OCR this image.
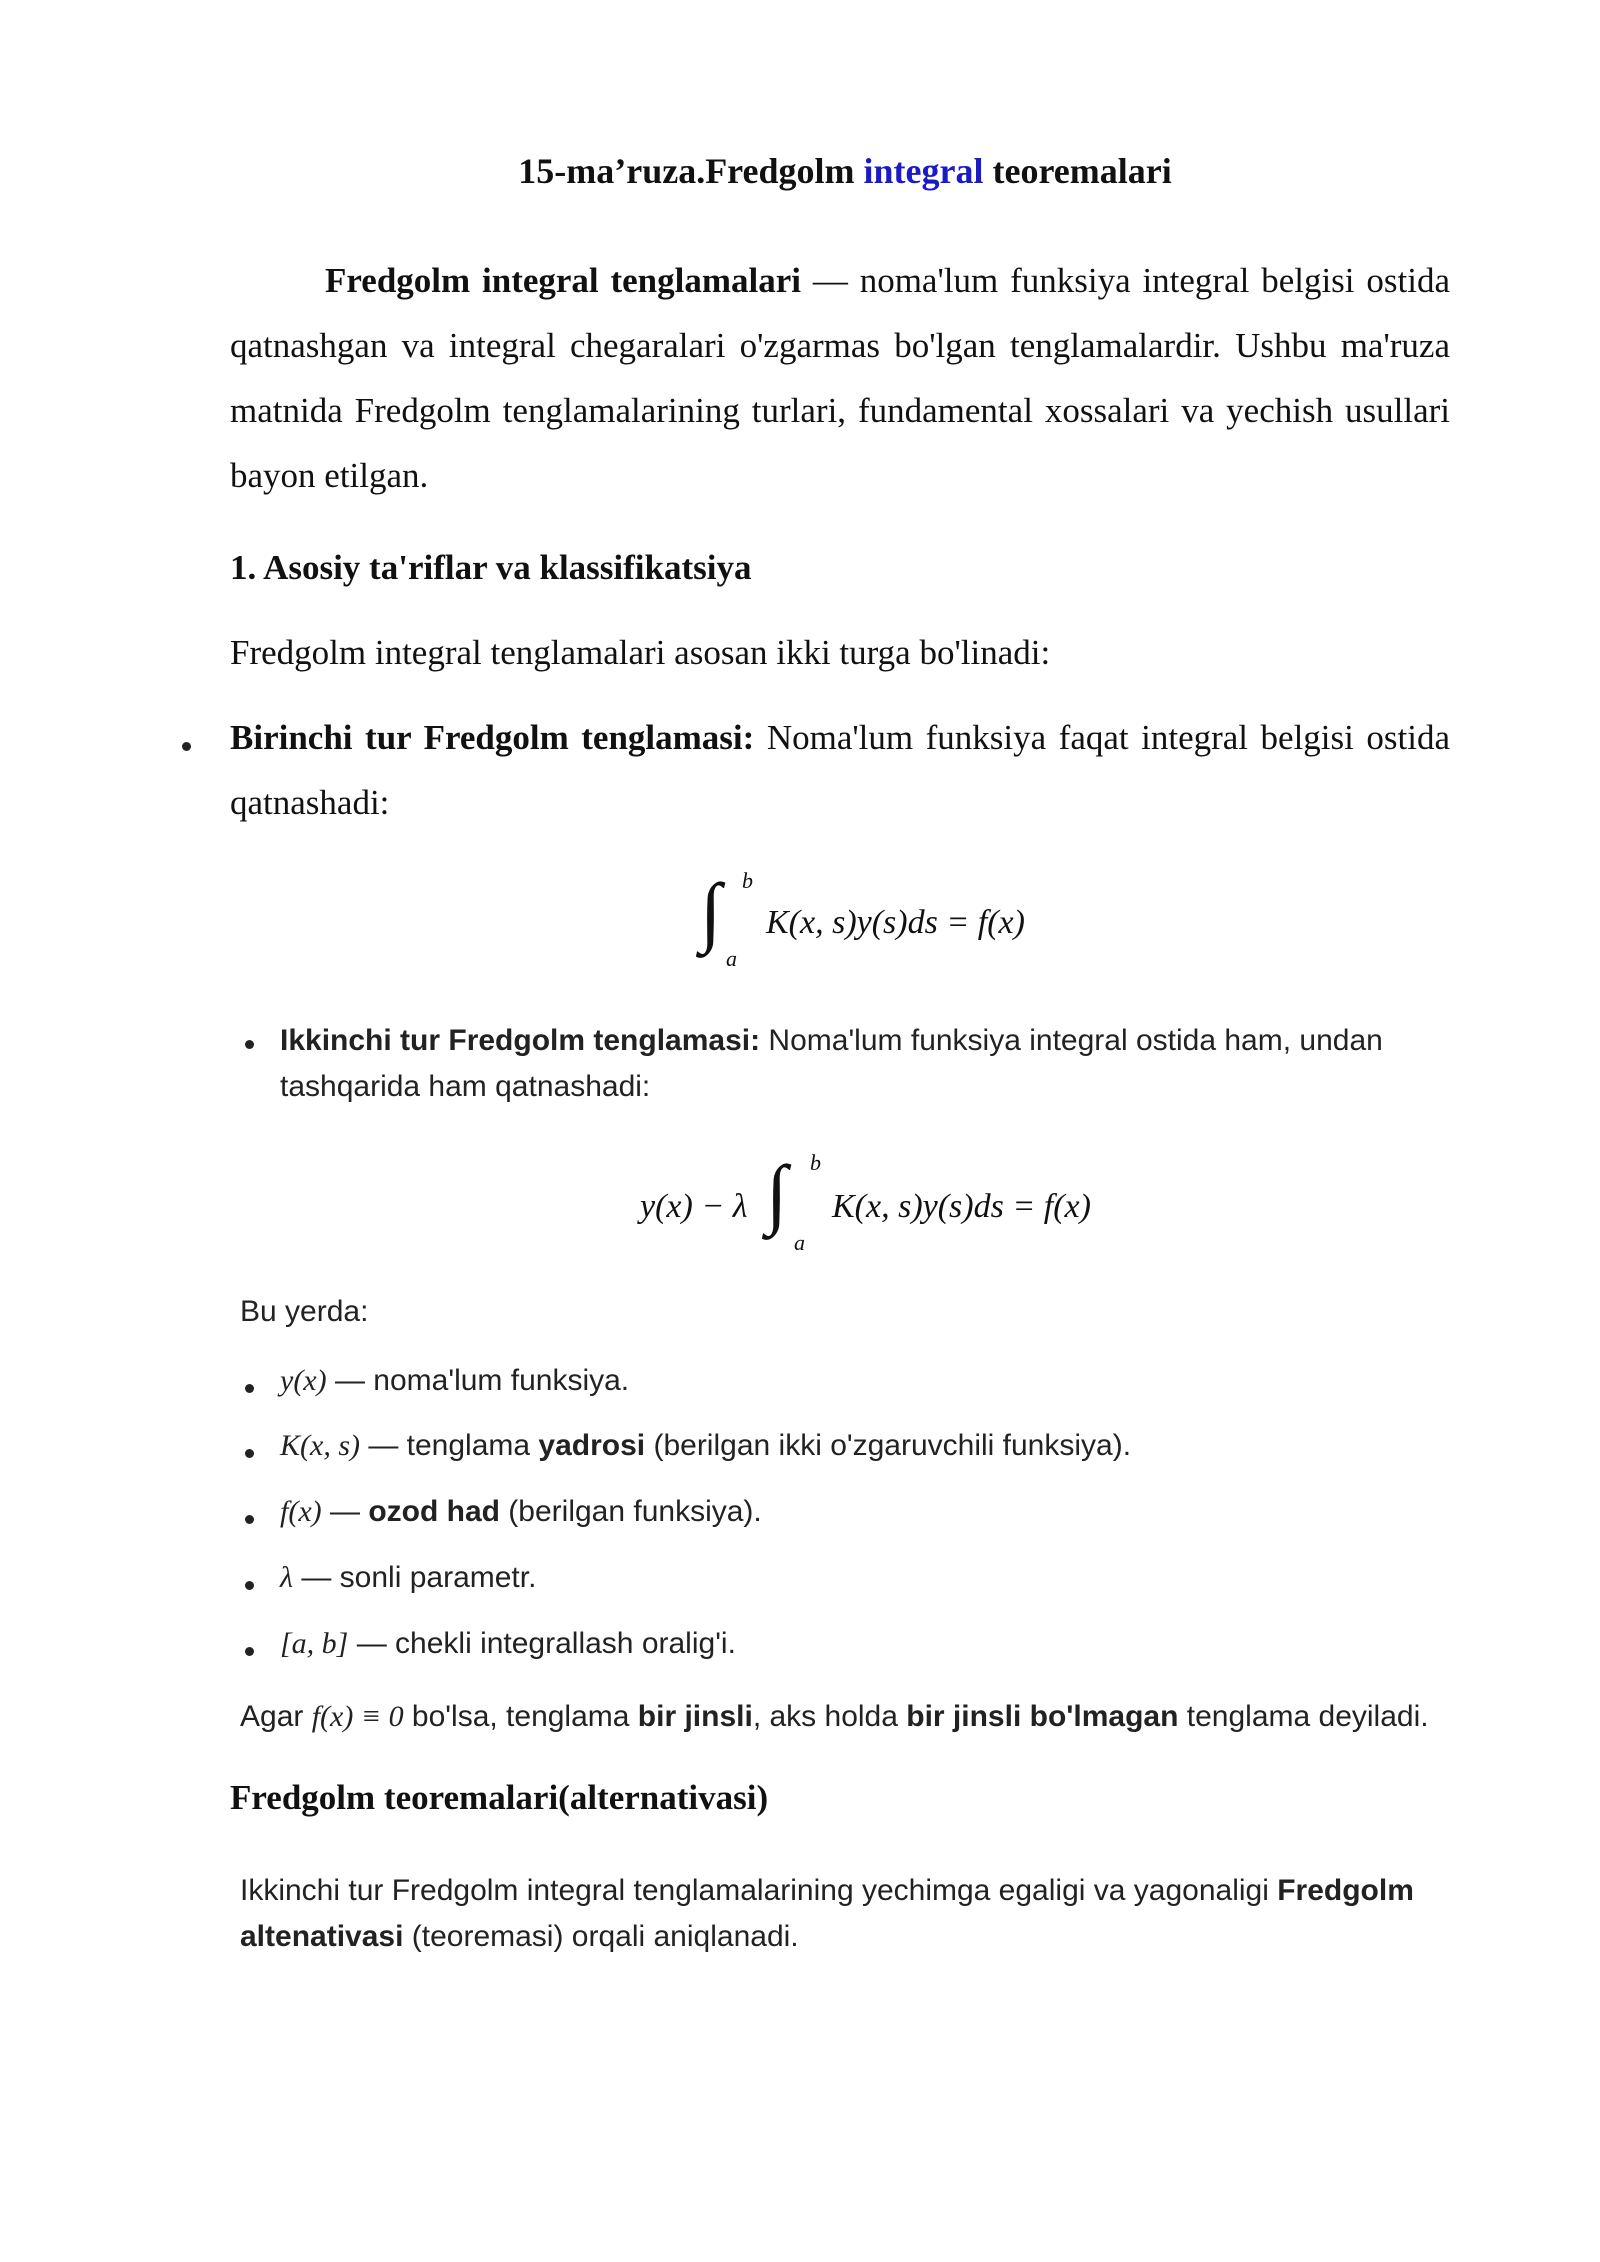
15-ma’ruza.Fredgolm integral teoremalari
Fredgolm integral tenglamalari — noma'lum funksiya integral belgisi ostida qatnashgan va integral chegaralari o'zgarmas bo'lgan tenglamalardir. Ushbu ma'ruza matnida Fredgolm tenglamalarining turlari, fundamental xossalari va yechish usullari bayon etilgan.
1. Asosiy ta'riflar va klassifikatsiya
Fredgolm integral tenglamalari asosan ikki turga bo'linadi:
Birinchi tur Fredgolm tenglamasi: Noma'lum funksiya faqat integral belgisi ostida qatnashadi:
∫ b
a
K(x, s)y(s)ds = f(x)
Ikkinchi tur Fredgolm tenglamasi: Noma'lum funksiya integral ostida ham, undan tashqarida ham qatnashadi:
y(x) − λ ∫ b
a
K(x, s)y(s)ds = f(x)
Bu yerda:
y(x) — noma'lum funksiya.
K(x, s) — tenglama yadrosi (berilgan ikki o'zgaruvchili funksiya).
f(x) — ozod had (berilgan funksiya).
λ — sonli parametr.
[a, b] — chekli integrallash oralig'i.
Agar f(x) ≡ 0 bo'lsa, tenglama bir jinsli, aks holda bir jinsli bo'lmagan tenglama deyiladi.
Fredgolm teoremalari(alternativasi)
Ikkinchi tur Fredgolm integral tenglamalarining yechimga egaligi va yagonaligi Fredgolm altenativasi (teoremasi) orqali aniqlanadi.
